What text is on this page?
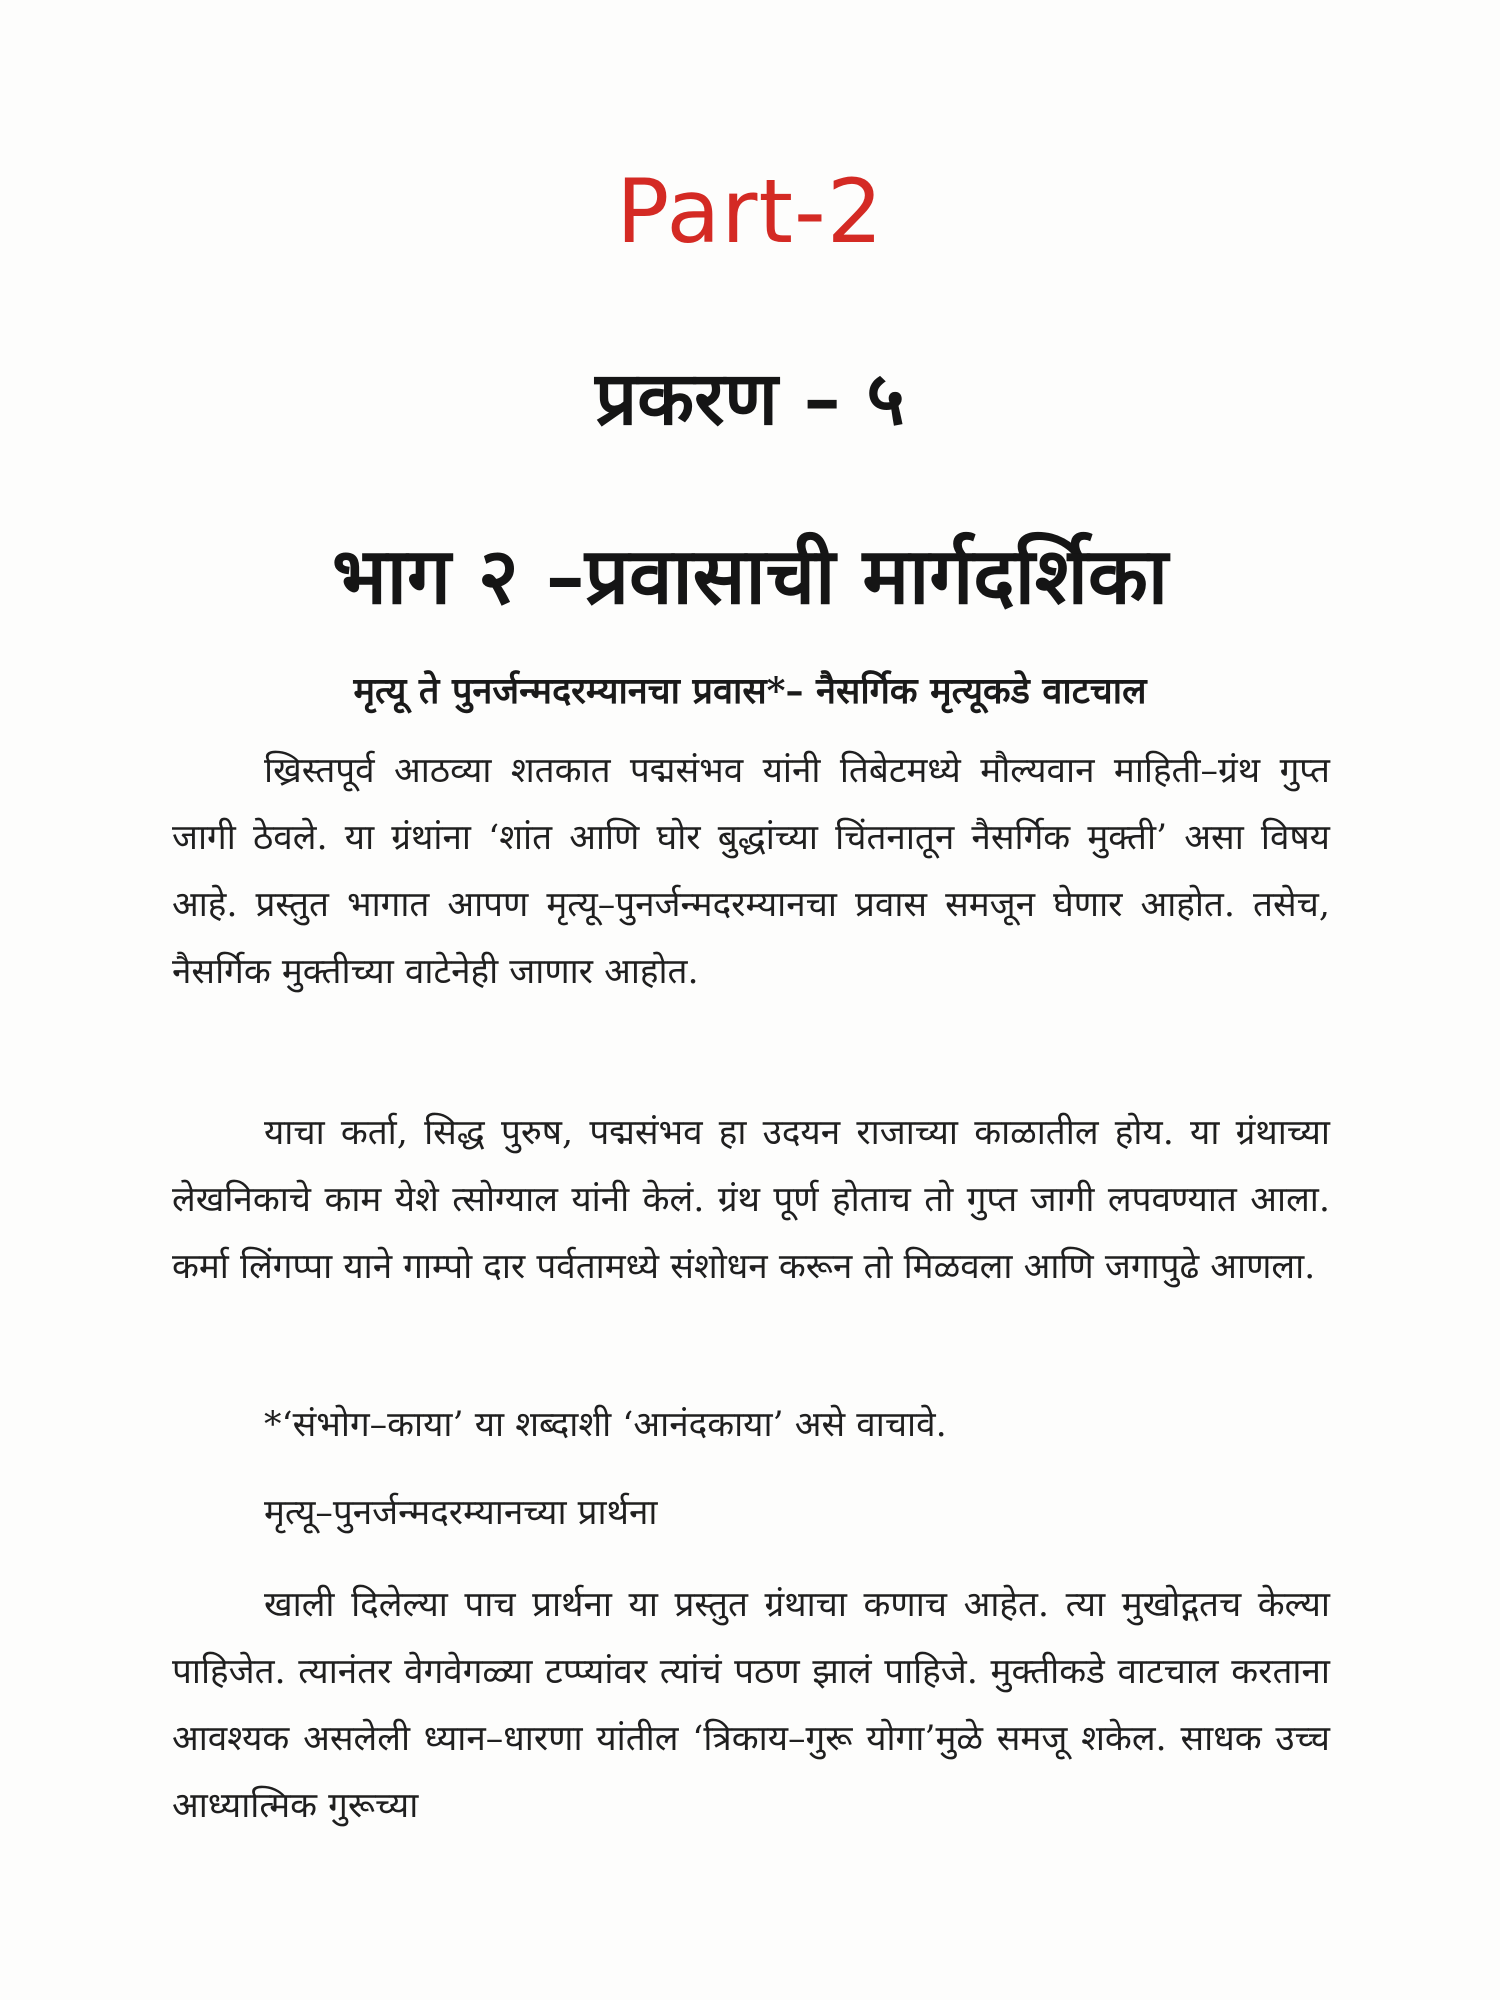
Part-2
प्रकरण – ५
भाग २ –प्रवासाची मार्गदर्शिका
मृत्यू ते पुनर्जन्मदरम्यानचा प्रवास*– नैसर्गिक मृत्यूकडे वाटचाल

ख्रिस्तपूर्व आठव्या शतकात पद्मसंभव यांनी तिबेटमध्ये मौल्यवान माहिती–ग्रंथ गुप्त जागी ठेवले. या ग्रंथांना ‘शांत आणि घोर बुद्धांच्या चिंतनातून नैसर्गिक मुक्ती’ असा विषय आहे. प्रस्तुत भागात आपण मृत्यू–पुनर्जन्मदरम्यानचा प्रवास समजून घेणार आहोत. तसेच, नैसर्गिक मुक्तीच्या वाटेनेही जाणार आहोत.

याचा कर्ता, सिद्ध पुरुष, पद्मसंभव हा उदयन राजाच्या काळातील होय. या ग्रंथाच्या लेखनिकाचे काम येशे त्सोग्याल यांनी केलं. ग्रंथ पूर्ण होताच तो गुप्त जागी लपवण्यात आला. कर्मा लिंगप्पा याने गाम्पो दार पर्वतामध्ये संशोधन करून तो मिळवला आणि जगापुढे आणला.

*‘संभोग–काया’ या शब्दाशी ‘आनंदकाया’ असे वाचावे.

मृत्यू–पुनर्जन्मदरम्यानच्या प्रार्थना

खाली दिलेल्या पाच प्रार्थना या प्रस्तुत ग्रंथाचा कणाच आहेत. त्या मुखोद्गतच केल्या पाहिजेत. त्यानंतर वेगवेगळ्या टप्प्यांवर त्यांचं पठण झालं पाहिजे. मुक्तीकडे वाटचाल करताना आवश्यक असलेली ध्यान–धारणा यांतील ‘त्रिकाय–गुरू योगा’मुळे समजू शकेल. साधक उच्च आध्यात्मिक गुरूच्या
